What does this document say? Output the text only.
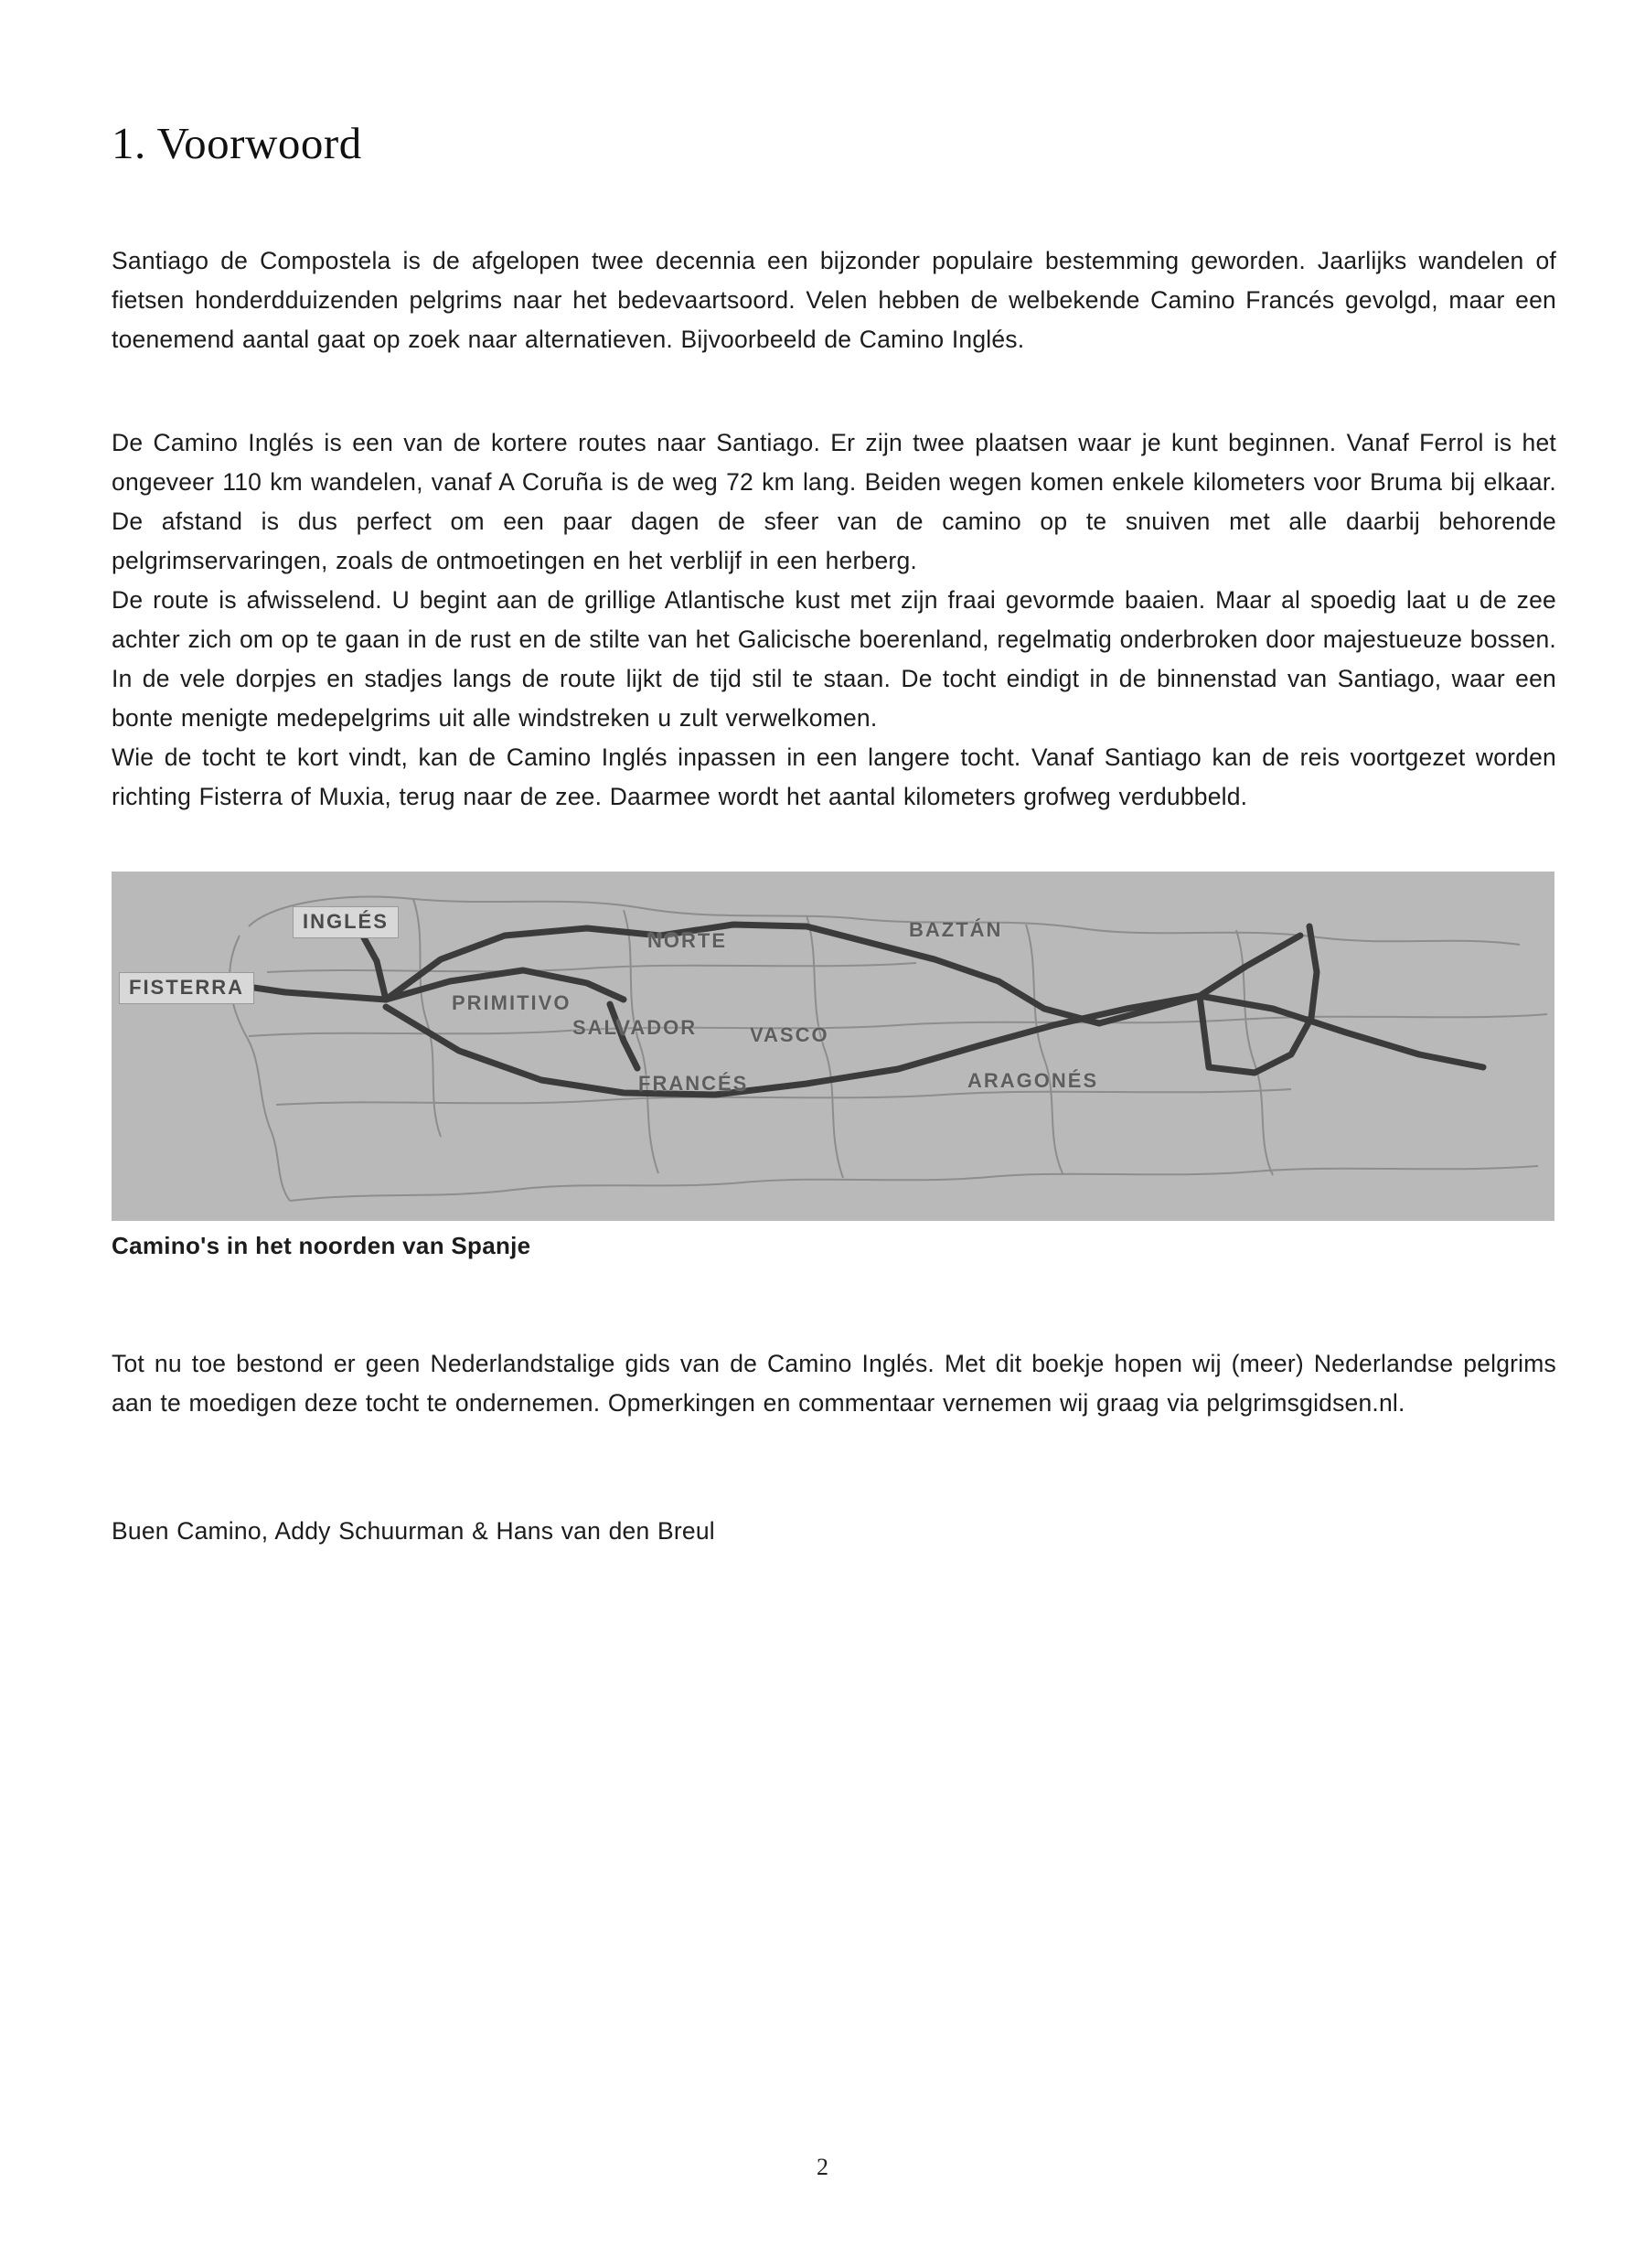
1. Voorwoord

Santiago de Compostela is de afgelopen twee decennia een bijzonder populaire bestemming geworden. Jaarlijks wandelen of fietsen honderdduizenden pelgrims naar het bedevaartsoord. Velen hebben de welbekende Camino Francés gevolgd, maar een toenemend aantal gaat op zoek naar alternatieven. Bijvoorbeeld de Camino Inglés.

De Camino Inglés is een van de kortere routes naar Santiago. Er zijn twee plaatsen waar je kunt beginnen. Vanaf Ferrol is het ongeveer 110 km wandelen, vanaf A Coruña is de weg 72 km lang. Beiden wegen komen enkele kilometers voor Bruma bij elkaar. De afstand is dus perfect om een paar dagen de sfeer van de camino op te snuiven met alle daarbij behorende pelgrimservaringen, zoals de ontmoetingen en het verblijf in een herberg.

De route is afwisselend. U begint aan de grillige Atlantische kust met zijn fraai gevormde baaien. Maar al spoedig laat u de zee achter zich om op te gaan in de rust en de stilte van het Galicische boerenland, regelmatig onderbroken door majestueuze bossen. In de vele dorpjes en stadjes langs de route lijkt de tijd stil te staan. De tocht eindigt in de binnenstad van Santiago, waar een bonte menigte medepelgrims uit alle windstreken u zult verwelkomen.

Wie de tocht te kort vindt, kan de Camino Inglés inpassen in een langere tocht. Vanaf Santiago kan de reis voortgezet worden richting Fisterra of Muxia, terug naar de zee. Daarmee wordt het aantal kilometers grofweg verdubbeld.

INGLÉS
FISTERRA
PRIMITIVO
SALVADOR
NORTE
VASCO
BAZTÁN
FRANCÉS	ARAGONÉS
Camino's in het noorden van Spanje

Tot nu toe bestond er geen Nederlandstalige gids van de Camino Inglés. Met dit boekje hopen wij (meer) Nederlandse pelgrims aan te moedigen deze tocht te ondernemen. Opmerkingen en commentaar vernemen wij graag via pelgrimsgidsen.nl.

Buen Camino, Addy Schuurman & Hans van den Breul

2
